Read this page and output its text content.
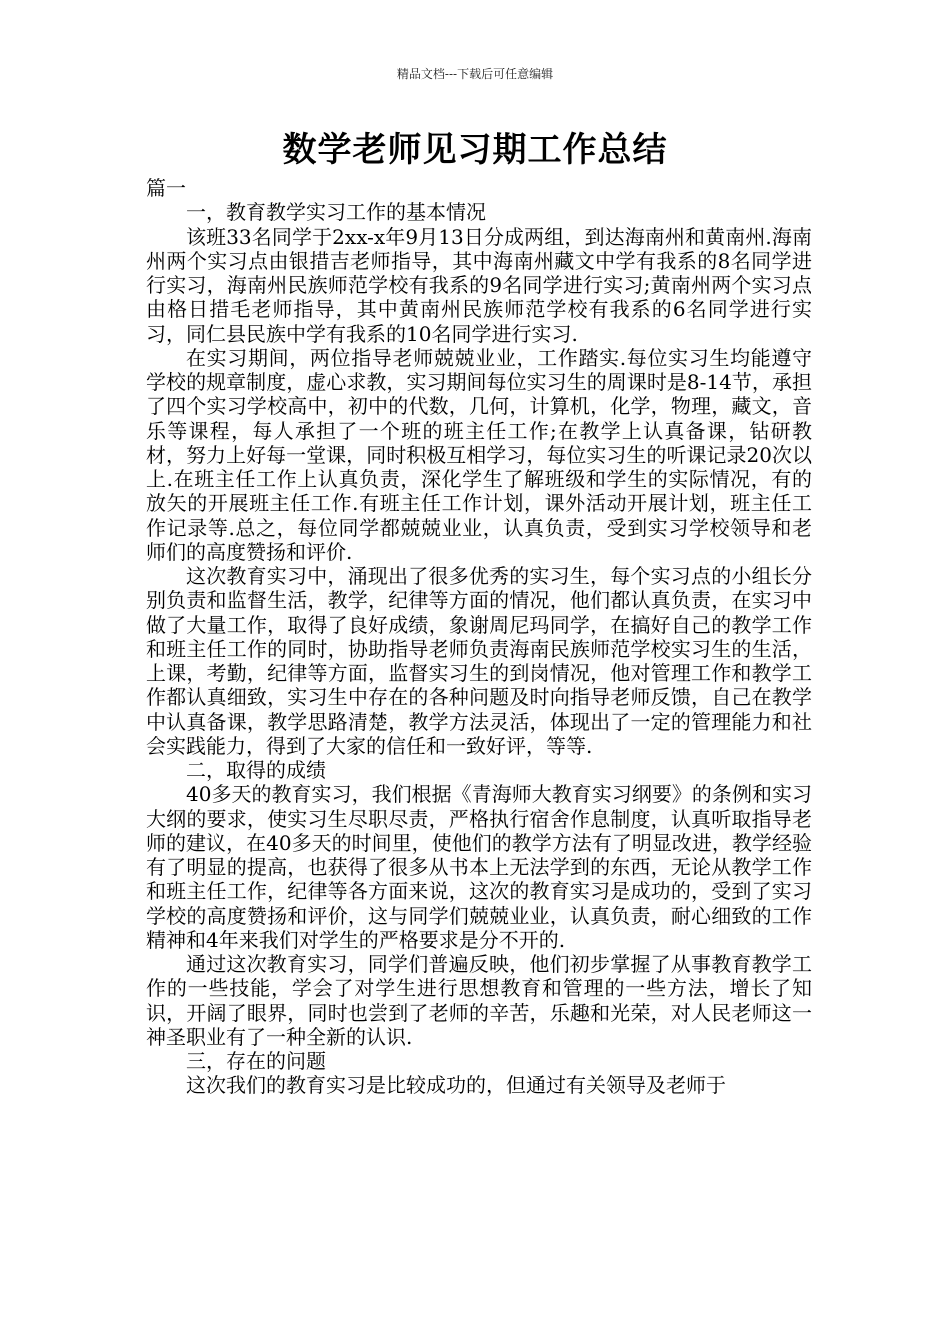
精品文档---下载后可任意编辑
数学老师见习期工作总结

篇一

一，教育教学实习工作的基本情况

该班33名同学于2xx-x年9月13日分成两组，到达海南州和黄南州.海南州两个实习点由银措吉老师指导，其中海南州藏文中学有我系的8名同学进行实习，海南州民族师范学校有我系的9名同学进行实习;黄南州两个实习点由格日措毛老师指导，其中黄南州民族师范学校有我系的6名同学进行实习，同仁县民族中学有我系的10名同学进行实习.

在实习期间，两位指导老师兢兢业业，工作踏实.每位实习生均能遵守学校的规章制度，虚心求教，实习期间每位实习生的周课时是8-14节，承担了四个实习学校高中，初中的代数，几何，计算机，化学，物理，藏文，音乐等课程，每人承担了一个班的班主任工作;在教学上认真备课，钻研教材，努力上好每一堂课，同时积极互相学习，每位实习生的听课记录20次以上.在班主任工作上认真负责，深化学生了解班级和学生的实际情况，有的放矢的开展班主任工作.有班主任工作计划，课外活动开展计划，班主任工作记录等.总之，每位同学都兢兢业业，认真负责，受到实习学校领导和老师们的高度赞扬和评价.

这次教育实习中，涌现出了很多优秀的实习生，每个实习点的小组长分别负责和监督生活，教学，纪律等方面的情况，他们都认真负责，在实习中做了大量工作，取得了良好成绩，象谢周尼玛同学，在搞好自己的教学工作和班主任工作的同时，协助指导老师负责海南民族师范学校实习生的生活，上课，考勤，纪律等方面，监督实习生的到岗情况，他对管理工作和教学工作都认真细致，实习生中存在的各种问题及时向指导老师反馈，自己在教学中认真备课，教学思路清楚，教学方法灵活，体现出了一定的管理能力和社会实践能力，得到了大家的信任和一致好评，等等.

二，取得的成绩

40多天的教育实习，我们根据《青海师大教育实习纲要》的条例和实习大纲的要求，使实习生尽职尽责，严格执行宿舍作息制度，认真听取指导老师的建议，在40多天的时间里，使他们的教学方法有了明显改进，教学经验有了明显的提高，也获得了很多从书本上无法学到的东西，无论从教学工作和班主任工作，纪律等各方面来说，这次的教育实习是成功的，受到了实习学校的高度赞扬和评价，这与同学们兢兢业业，认真负责，耐心细致的工作精神和4年来我们对学生的严格要求是分不开的.

通过这次教育实习，同学们普遍反映，他们初步掌握了从事教育教学工作的一些技能，学会了对学生进行思想教育和管理的一些方法，增长了知识，开阔了眼界，同时也尝到了老师的辛苦，乐趣和光荣，对人民老师这一神圣职业有了一种全新的认识.

三，存在的问题

这次我们的教育实习是比较成功的，但通过有关领导及老师于
